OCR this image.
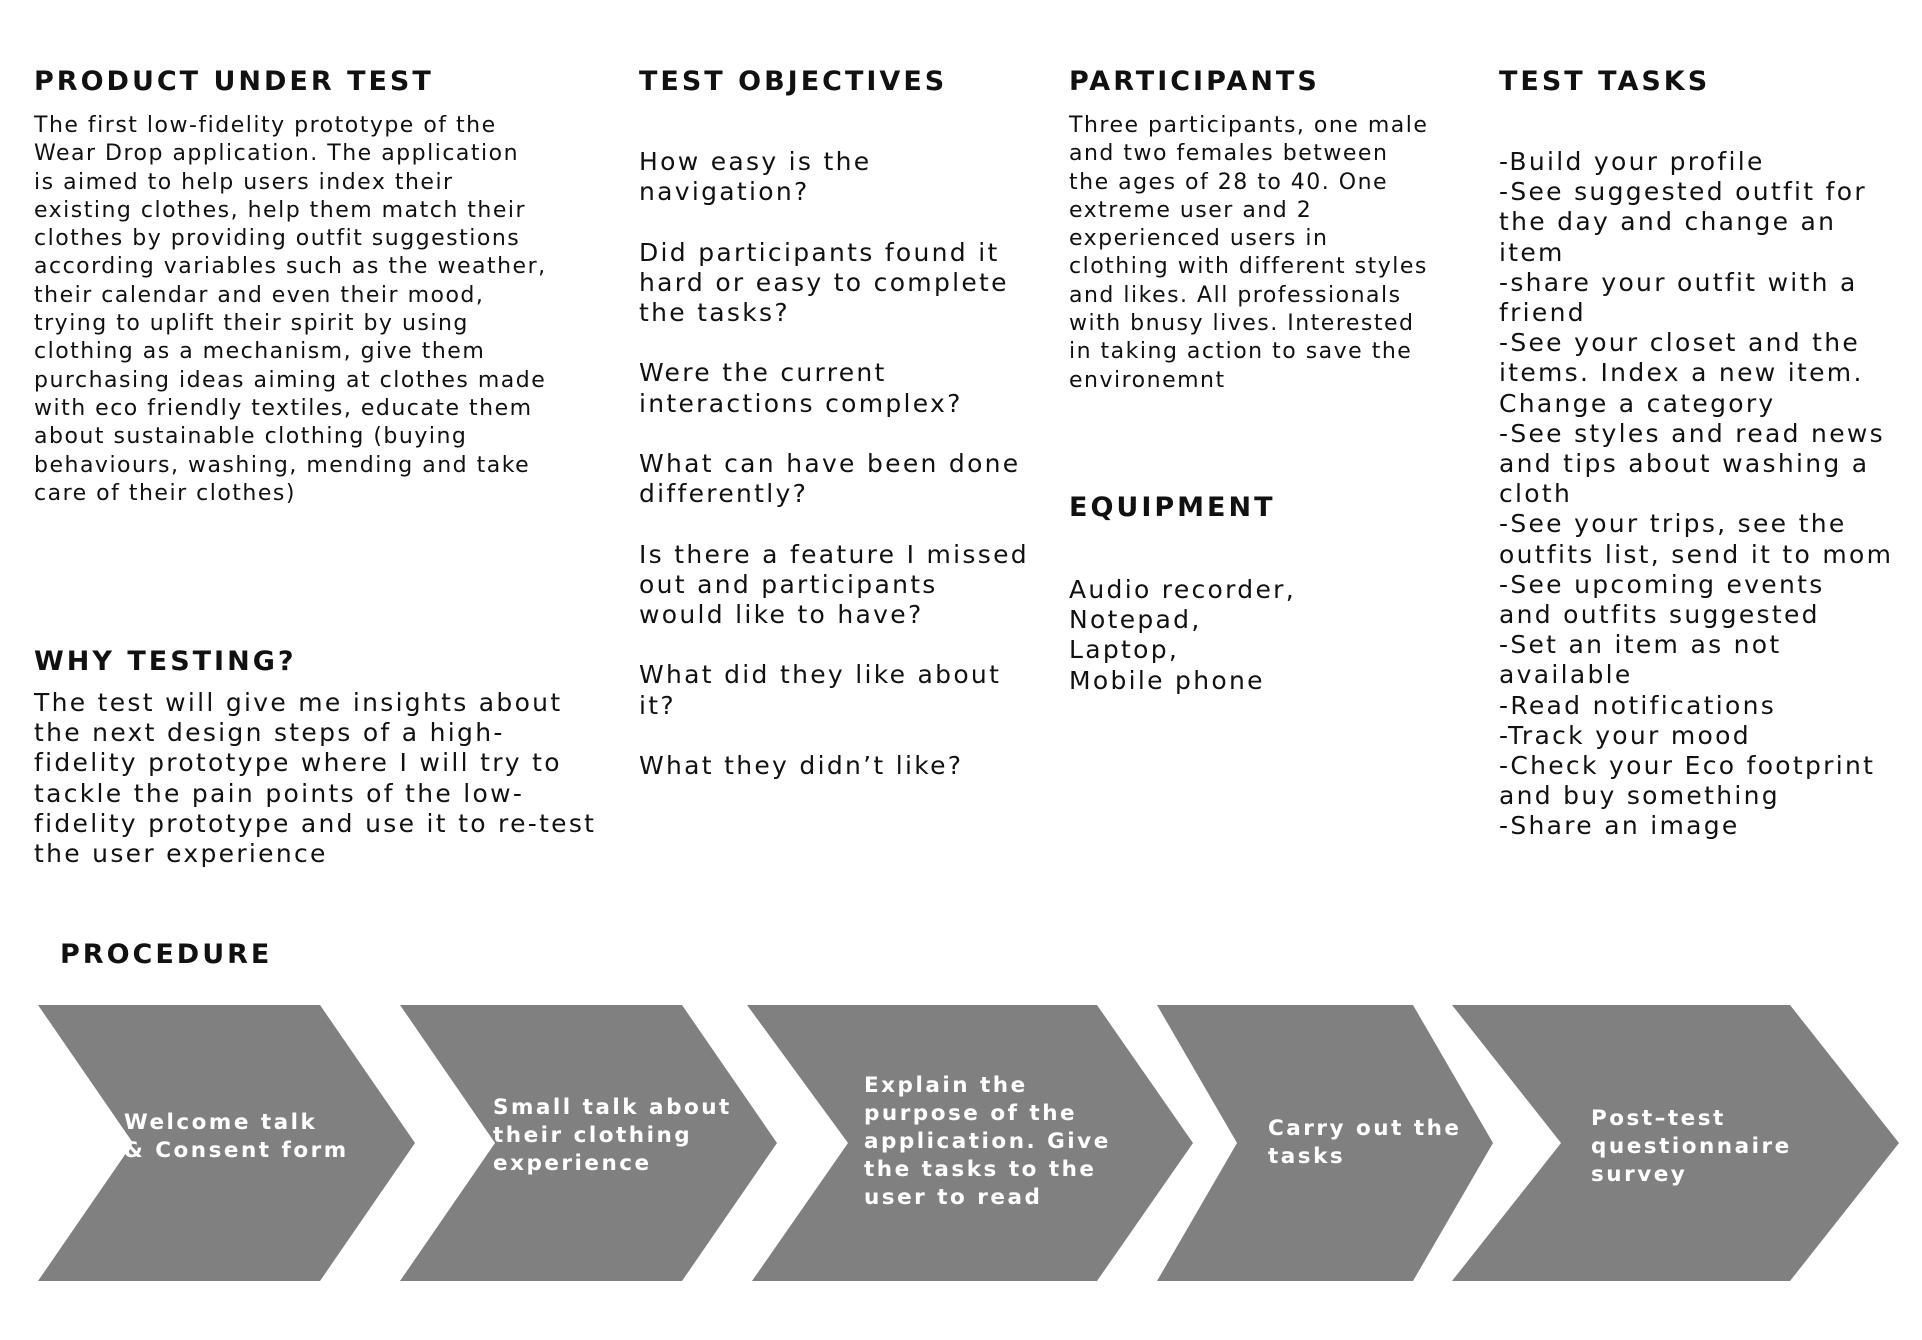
PRODUCT UNDER TEST
The first low-fidelity prototype of the
Wear Drop application. The application
is aimed to help users index their
existing clothes, help them match their
clothes by providing outfit suggestions
according variables such as the weather,
their calendar and even their mood,
trying to uplift their spirit by using
clothing as a mechanism, give them
purchasing ideas aiming at clothes made
with eco friendly textiles, educate them
about sustainable clothing (buying
behaviours, washing, mending and take
care of their clothes)
WHY TESTING?
The test will give me insights about
the next design steps of a high-
fidelity prototype where I will try to
tackle the pain points of the low-
fidelity prototype and use it to re-test
the user experience
TEST OBJECTIVES
How easy is the
navigation?

Did participants found it
hard or easy to complete
the tasks?

Were the current
interactions complex?

What can have been done
differently?

Is there a feature I missed
out and participants
would like to have?

What did they like about
it?

What they didn’t like?
PARTICIPANTS
Three participants, one male
and two females between
the ages of 28 to 40. One
extreme user and 2
experienced users in
clothing with different styles
and likes. All professionals
with bnusy lives. Interested
in taking action to save the
environemnt
EQUIPMENT
Audio recorder,
Notepad,
Laptop,
Mobile phone
TEST TASKS
-Build your profile
-See suggested outfit for
the day and change an
item
-share your outfit with a
friend
-See your closet and the
items. Index a new item.
Change a category
-See styles and read news
and tips about washing a
cloth
-See your trips, see the
outfits list, send it to mom
-See upcoming events
and outfits suggested
-Set an item as not
available
-Read notifications
-Track your mood
-Check your Eco footprint
and buy something
-Share an image
PROCEDURE
Welcome talk
& Consent form
Small talk about
their clothing
experience
Explain the
purpose of the
application. Give
the tasks to the
user to read
Carry out the
tasks
Post–test
questionnaire
survey
